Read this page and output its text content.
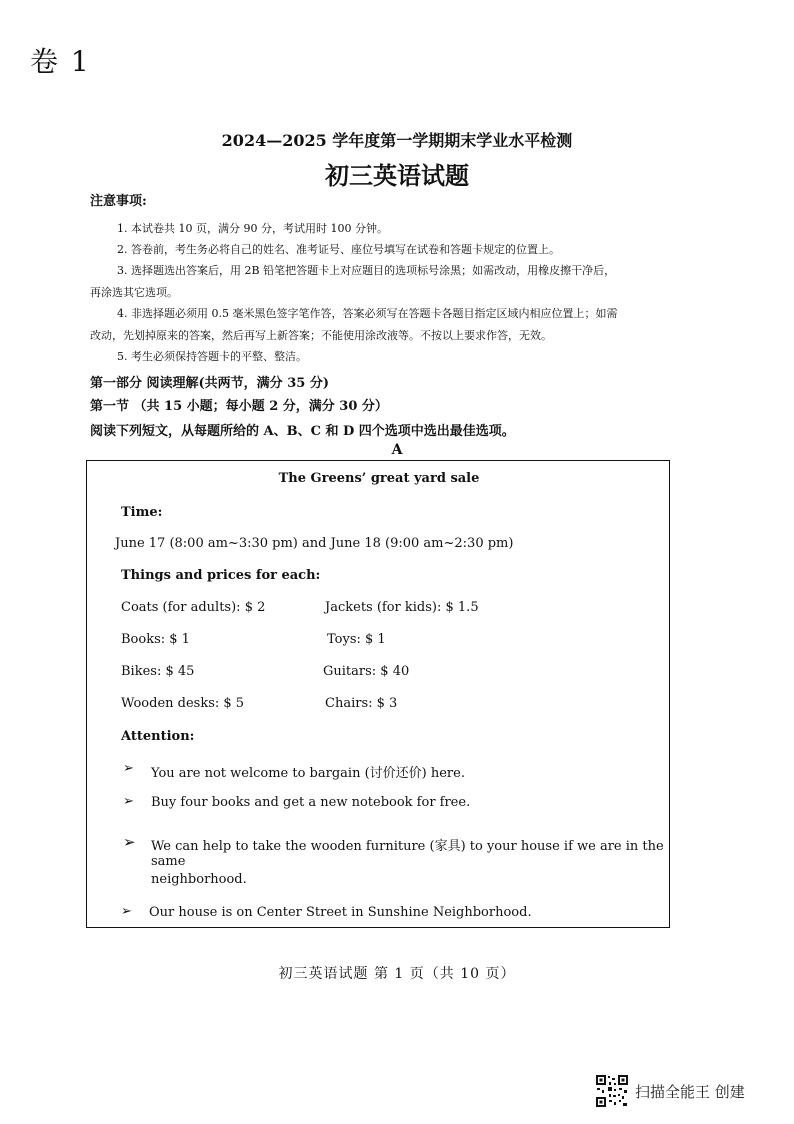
卷 1
2024—2025 学年度第一学期期末学业水平检测
初三英语试题
注意事项:
1. 本试卷共 10 页，满分 90 分，考试用时 100 分钟。
2. 答卷前，考生务必将自己的姓名、准考证号、座位号填写在试卷和答题卡规定的位置上。
3. 选择题选出答案后，用 2B 铅笔把答题卡上对应题目的选项标号涂黑；如需改动，用橡皮擦干净后，
再涂选其它选项。
4. 非选择题必须用 0.5 毫米黑色签字笔作答，答案必须写在答题卡各题目指定区域内相应位置上；如需
改动，先划掉原来的答案，然后再写上新答案；不能使用涂改液等。不按以上要求作答，无效。
5. 考生必须保持答题卡的平整、整洁。
第一部分 阅读理解(共两节，满分 35 分)
第一节 （共 15 小题；每小题 2 分，满分 30 分）
阅读下列短文，从每题所给的 A、B、C 和 D 四个选项中选出最佳选项。
A
The Greens’ great yard sale
Time:
June 17 (8:00 am~3:30 pm) and June 18 (9:00 am~2:30 pm)
Things and prices for each:
Coats (for adults): $ 2	Jackets (for kids): $ 1.5
Books: $ 1	Toys: $ 1
Bikes: $ 45	Guitars: $ 40
Wooden desks: $ 5	Chairs: $ 3
Attention:
➢ You are not welcome to bargain (讨价还价) here.
➢ Buy four books and get a new notebook for free.
➢ We can help to take the wooden furniture (家具) to your house if we are in the same
neighborhood.
➢ Our house is on Center Street in Sunshine Neighborhood.
初三英语试题 第 1 页（共 10 页）
扫描全能王 创建
